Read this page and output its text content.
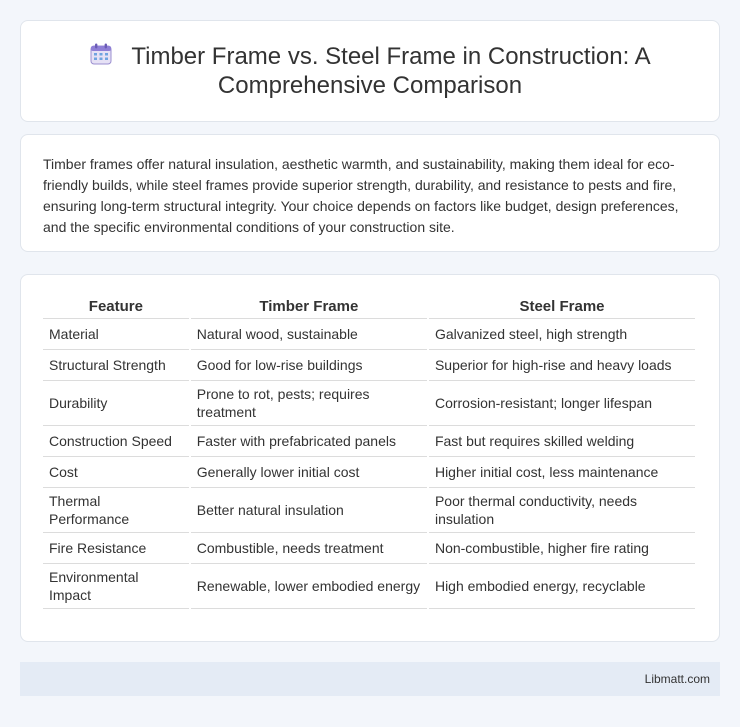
Timber Frame vs. Steel Frame in Construction: A Comprehensive Comparison

Timber frames offer natural insulation, aesthetic warmth, and sustainability, making them ideal for eco-friendly builds, while steel frames provide superior strength, durability, and resistance to pests and fire, ensuring long-term structural integrity. Your choice depends on factors like budget, design preferences, and the specific environmental conditions of your construction site.

Feature	Timber Frame	Steel Frame
Material	Natural wood, sustainable	Galvanized steel, high strength
Structural Strength	Good for low-rise buildings	Superior for high-rise and heavy loads
Durability	Prone to rot, pests; requires treatment	Corrosion-resistant; longer lifespan
Construction Speed	Faster with prefabricated panels	Fast but requires skilled welding
Cost	Generally lower initial cost	Higher initial cost, less maintenance
Thermal Performance	Better natural insulation	Poor thermal conductivity, needs insulation
Fire Resistance	Combustible, needs treatment	Non-combustible, higher fire rating
Environmental Impact	Renewable, lower embodied energy	High embodied energy, recyclable
Libmatt.com
